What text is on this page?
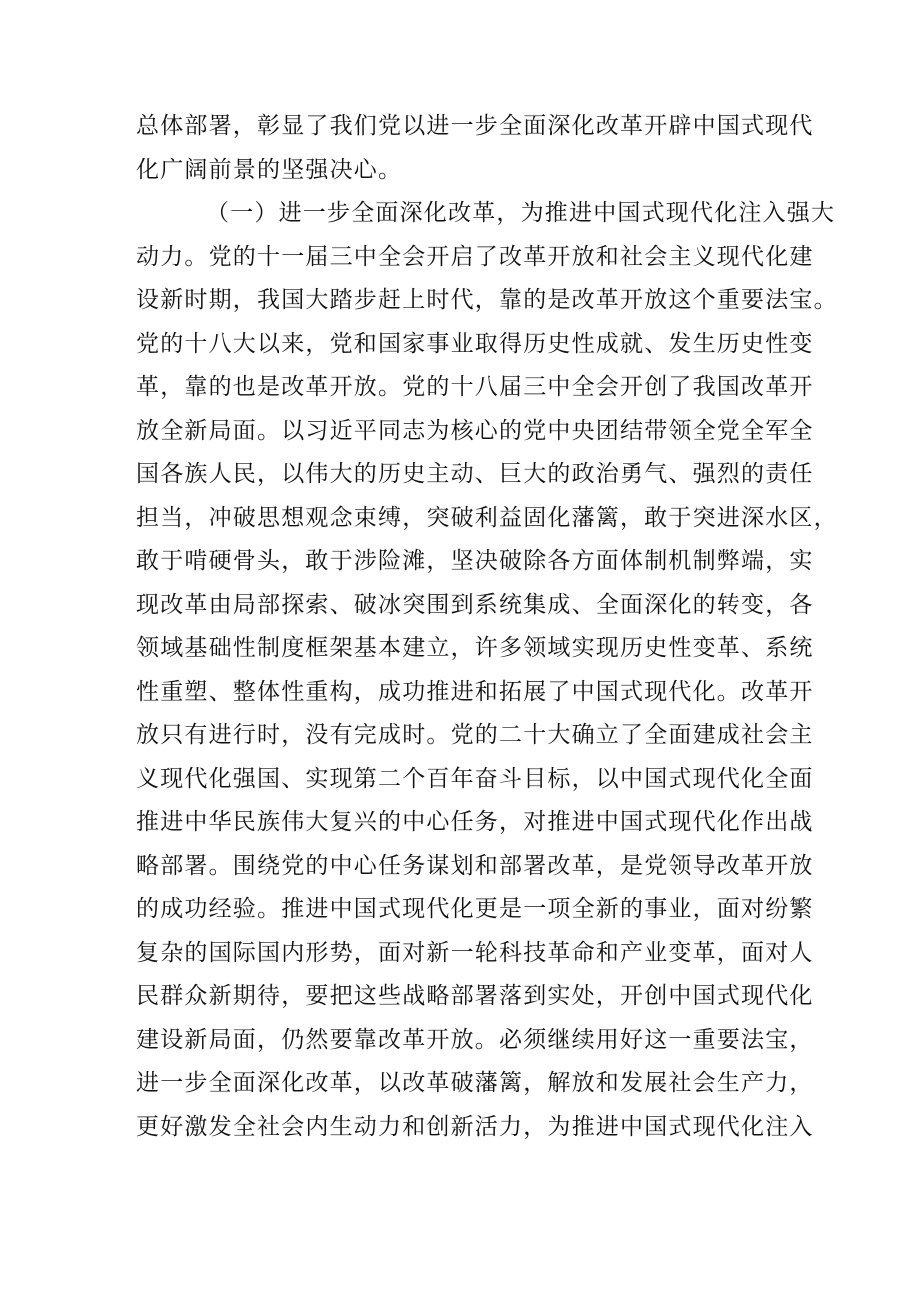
总体部署，彰显了我们党以进一步全面深化改革开辟中国式现代
化广阔前景的坚强决心。
（一）进一步全面深化改革，为推进中国式现代化注入强大
动力。党的十一届三中全会开启了改革开放和社会主义现代化建
设新时期，我国大踏步赶上时代，靠的是改革开放这个重要法宝。
党的十八大以来，党和国家事业取得历史性成就、发生历史性变
革，靠的也是改革开放。党的十八届三中全会开创了我国改革开
放全新局面。以习近平同志为核心的党中央团结带领全党全军全
国各族人民，以伟大的历史主动、巨大的政治勇气、强烈的责任
担当，冲破思想观念束缚，突破利益固化藩篱，敢于突进深水区，
敢于啃硬骨头，敢于涉险滩，坚决破除各方面体制机制弊端，实
现改革由局部探索、破冰突围到系统集成、全面深化的转变，各
领域基础性制度框架基本建立，许多领域实现历史性变革、系统
性重塑、整体性重构，成功推进和拓展了中国式现代化。改革开
放只有进行时，没有完成时。党的二十大确立了全面建成社会主
义现代化强国、实现第二个百年奋斗目标，以中国式现代化全面
推进中华民族伟大复兴的中心任务，对推进中国式现代化作出战
略部署。围绕党的中心任务谋划和部署改革，是党领导改革开放
的成功经验。推进中国式现代化更是一项全新的事业，面对纷繁
复杂的国际国内形势，面对新一轮科技革命和产业变革，面对人
民群众新期待，要把这些战略部署落到实处，开创中国式现代化
建设新局面，仍然要靠改革开放。必须继续用好这一重要法宝，
进一步全面深化改革，以改革破藩篱，解放和发展社会生产力，
更好激发全社会内生动力和创新活力，为推进中国式现代化注入
